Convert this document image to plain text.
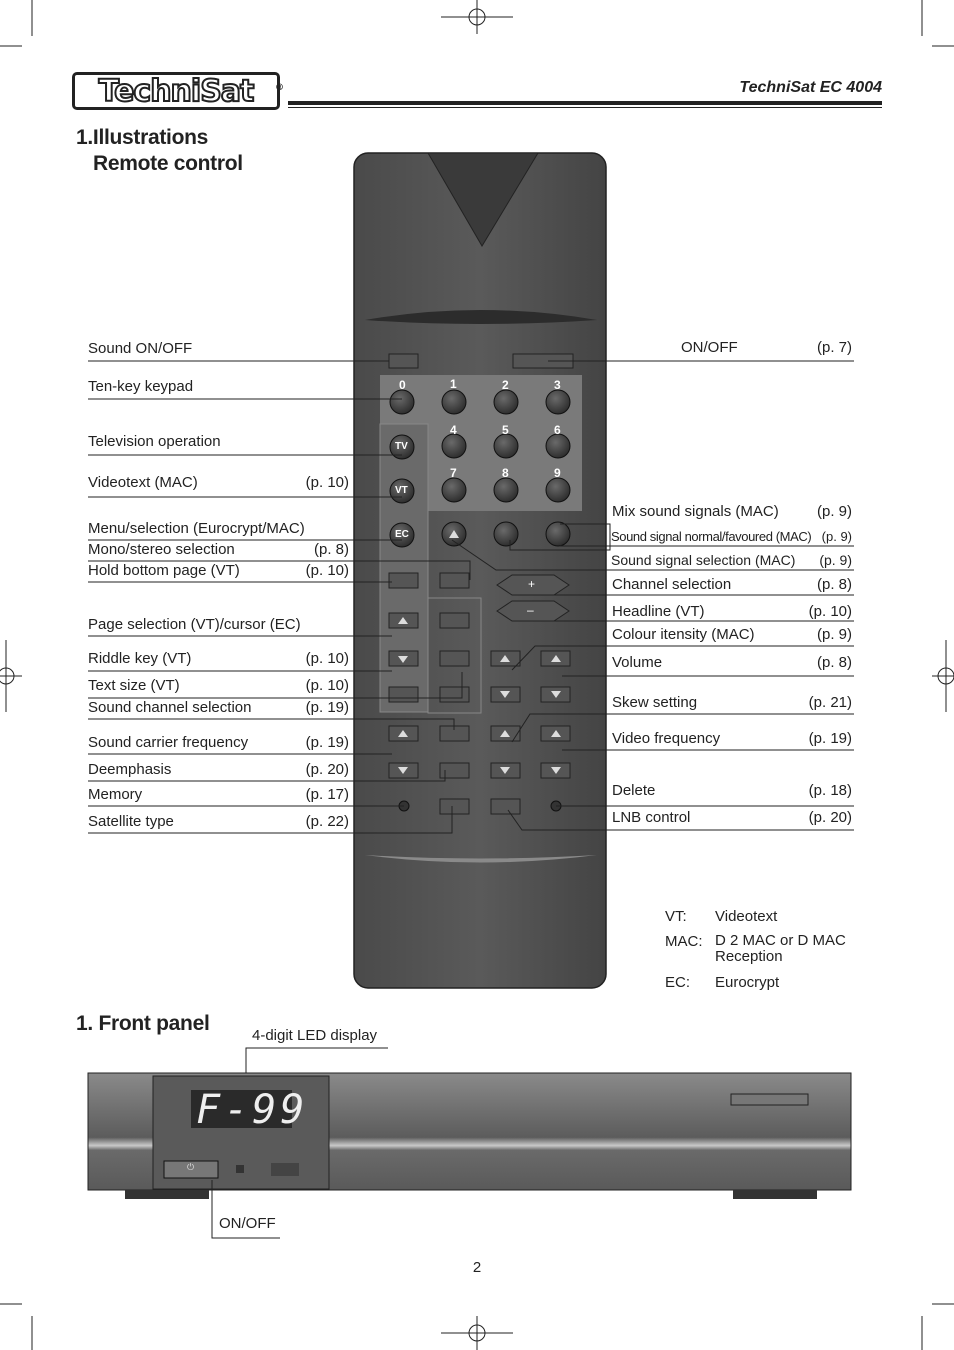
TechniSat ®	TechniSat EC 4004
1.Illustrations
Remote control
0	1	2	3
4	5	6
7	8	9
TV
VT
EC
+
–
Sound ON/OFF
Ten-key keypad
Television operation
Videotext (MAC)	(p. 10)
Menu/selection (Eurocrypt/MAC)
Mono/stereo selection	(p. 8)
Hold bottom page (VT)	(p. 10)
Page selection (VT)/cursor (EC)
Riddle key (VT)	(p. 10)
Text size (VT)	(p. 10)
Sound channel selection	(p. 19)
Sound carrier frequency	(p. 19)
Deemphasis	(p. 20)
Memory	(p. 17)
Satellite type	(p. 22)
ON/OFF	(p. 7)
Mix sound signals (MAC)	(p. 9)
Sound signal normal/favoured (MAC) (p. 9)
Sound signal selection (MAC)	(p. 9)
Channel selection	(p. 8)
Headline (VT)	(p. 10)
Colour itensity (MAC)	(p. 9)
Volume	(p. 8)
Skew setting	(p. 21)
Video frequency	(p. 19)
Delete	(p. 18)
LNB control	(p. 20)
VT: Videotext
MAC: D 2 MAC or D MAC Reception
EC: Eurocrypt
1. Front panel
4-digit LED display
F-99
⏻
ON/OFF
2
